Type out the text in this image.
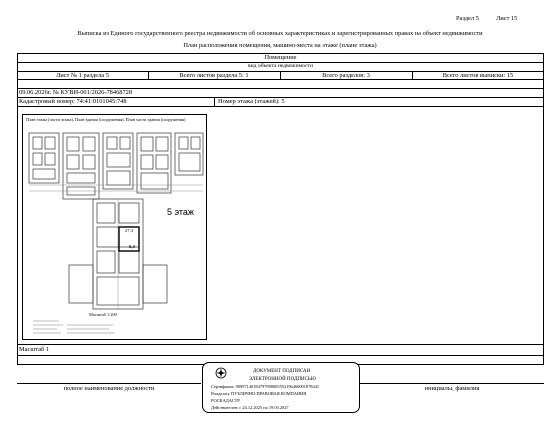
Раздел 5	Лист 15
Выписка из Единого государственного реестра недвижимости об основных характеристиках и зарегистрированных правах на объект недвижимости
План расположения помещения, машино-места на этаже (плане этажа)
Помещение
вид объекта недвижимости
Лист № 1 раздела 5	Всего листов раздела 5: 1	Всего разделов: 3	Всего листов выписки: 15
09.06.2026г. № КУВИ-001/2026-78468728
Кадастровый номер: 74:41:0101045:748	Номер этажа (этажей): 5
План этажа (части этажа), План здания (сооружения), План части здания (сооружения)
27,3
6,4
Масштаб 1:200
5 этаж
Масштаб 1
полное наименование должности	инициалы, фамилия
ДОКУМЕНТ ПОДПИСАН
ЭЛЕКТРОННОЙ ПОДПИСЬЮ
Сертификат: 00997140184797998005552196460001878441
Владелец: ПУБЛИЧНО-ПРАВОВАЯ КОМПАНИЯ
РОСКАДАСТР
Действителен: с 24.12.2025 по 19.03.2027
